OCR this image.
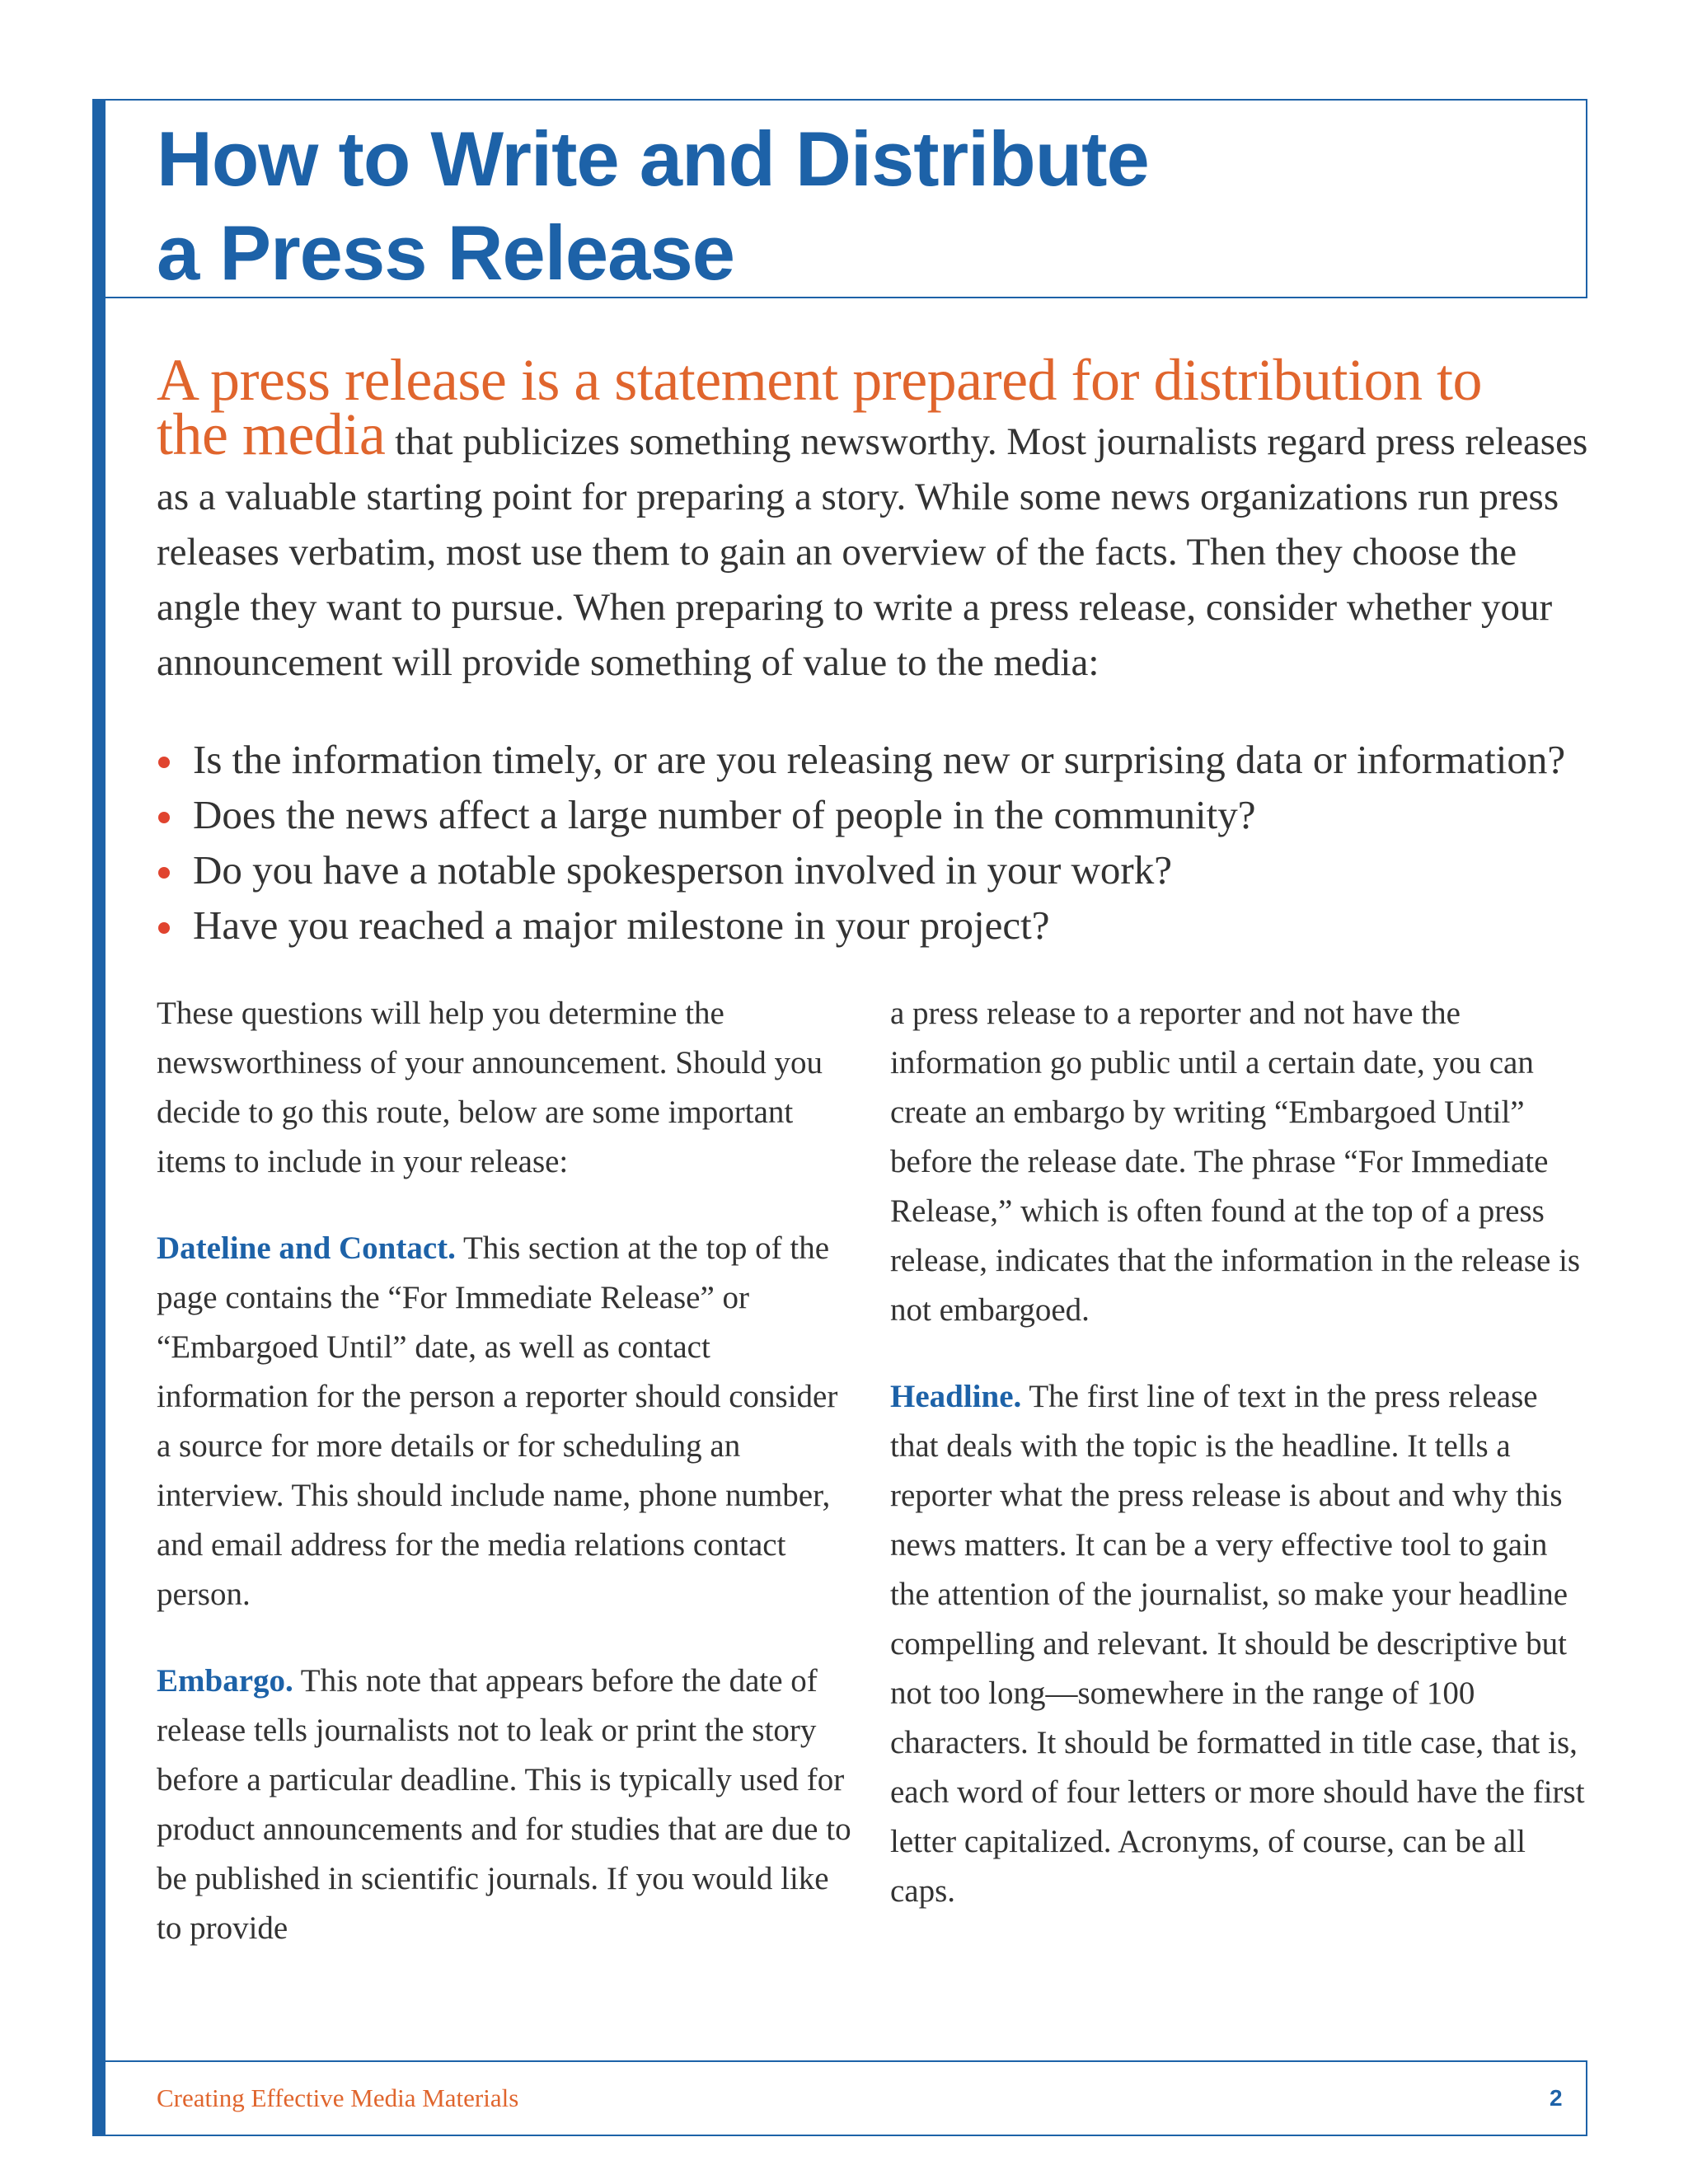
How to Write and Distribute
a Press Release

A press release is a statement prepared for distribution to
the media that publicizes something newsworthy. Most journalists regard press releases as a valuable starting point for preparing a story. While some news organizations run press releases verbatim, most use them to gain an overview of the facts. Then they choose the angle they want to pursue. When preparing to write a press release, consider whether your announcement will provide something of value to the media:

Is the information timely, or are you releasing new or surprising data or information?
Does the news affect a large number of people in the community?
Do you have a notable spokesperson involved in your work?
Have you reached a major milestone in your project?

These questions will help you determine the newsworthiness of your announcement. Should you decide to go this route, below are some important items to include in your release:

Dateline and Contact. This section at the top of the page contains the “For Immediate Release” or “Embargoed Until” date, as well as contact information for the person a reporter should consider a source for more details or for scheduling an interview. This should include name, phone number, and email address for the media relations contact person.

Embargo. This note that appears before the date of release tells journalists not to leak or print the story before a particular deadline. This is typically used for product announcements and for studies that are due to be published in scientific journals. If you would like to provide

a press release to a reporter and not have the information go public until a certain date, you can create an embargo by writing “Embargoed Until” before the release date. The phrase “For Immediate Release,” which is often found at the top of a press release, indicates that the information in the release is not embargoed.

Headline. The first line of text in the press release that deals with the topic is the headline. It tells a reporter what the press release is about and why this news matters. It can be a very effective tool to gain the attention of the journalist, so make your headline compelling and relevant. It should be descriptive but not too long—somewhere in the range of 100 characters. It should be formatted in title case, that is, each word of four letters or more should have the first letter capitalized. Acronyms, of course, can be all caps.

Creating Effective Media Materials	2
